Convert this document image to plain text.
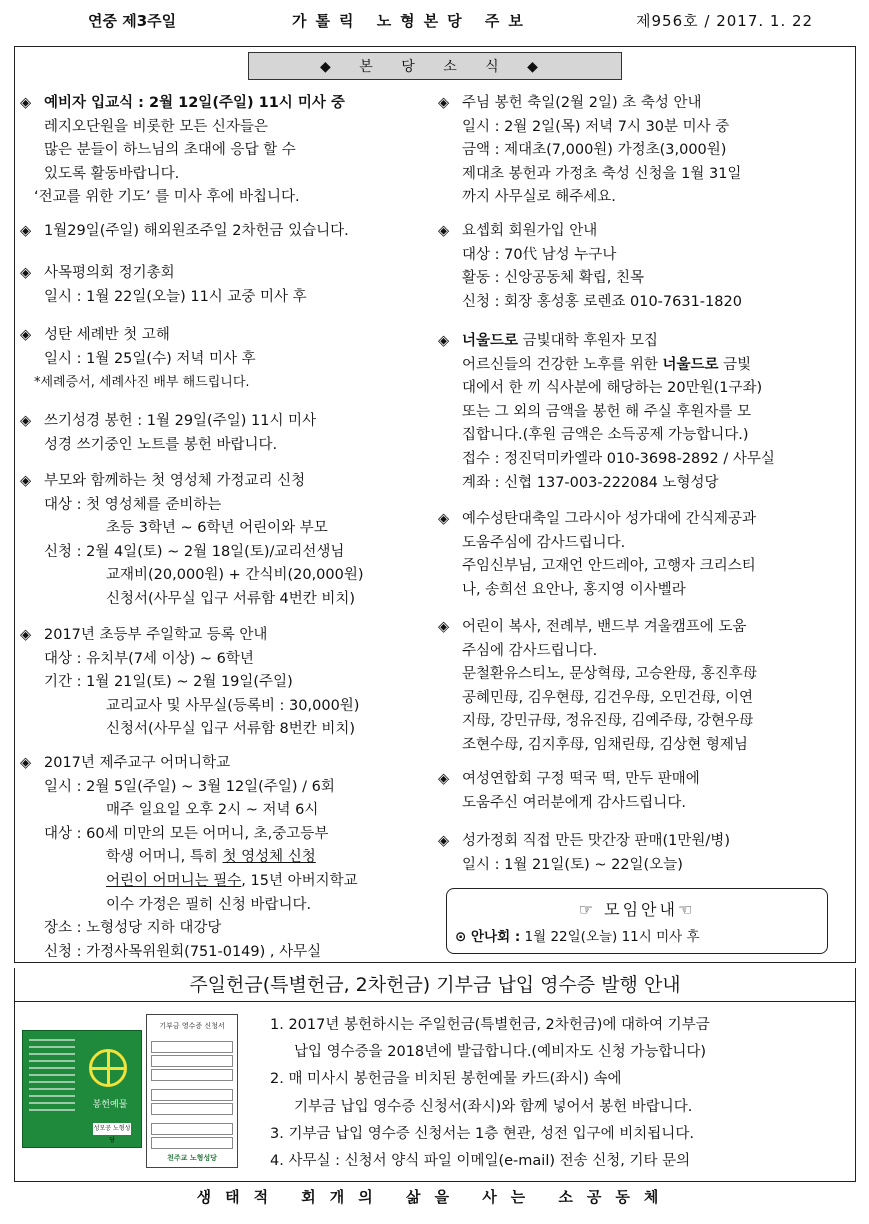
연중 제3주일	가톨릭 노형본당 주보	제956호 / 2017. 1. 22
◆ 본 당 소 식 ◆

◈ 예비자 입교식 : 2월 12일(주일) 11시 미사 중

레지오단원을 비롯한 모든 신자들은

많은 분들이 하느님의 초대에 응답 할 수

있도록 활동바랍니다.

‘전교를 위한 기도’ 를 미사 후에 바칩니다.

◈ 1월29일(주일) 해외원조주일 2차헌금 있습니다.

◈ 사목평의회 정기총회

일시 : 1월 22일(오늘) 11시 교중 미사 후

◈ 성탄 세례반 첫 고해

일시 : 1월 25일(수) 저녁 미사 후

*세례증서, 세례사진 배부 해드립니다.

◈ 쓰기성경 봉헌 : 1월 29일(주일) 11시 미사

성경 쓰기중인 노트를 봉헌 바랍니다.

◈ 부모와 함께하는 첫 영성체 가정교리 신청

대상 : 첫 영성체를 준비하는

초등 3학년 ~ 6학년 어린이와 부모

신청 : 2월 4일(토) ~ 2월 18일(토)/교리선생님

교재비(20,000원) + 간식비(20,000원)

신청서(사무실 입구 서류함 4번칸 비치)

◈ 2017년 초등부 주일학교 등록 안내

대상 : 유치부(7세 이상) ~ 6학년

기간 : 1월 21일(토) ~ 2월 19일(주일)

교리교사 및 사무실(등록비 : 30,000원)

신청서(사무실 입구 서류함 8번칸 비치)

◈ 2017년 제주교구 어머니학교

일시 : 2월 5일(주일) ~ 3월 12일(주일) / 6회

매주 일요일 오후 2시 ~ 저녁 6시

대상 : 60세 미만의 모든 어머니, 초,중고등부

학생 어머니, 특히 첫 영성체 신청

어린이 어머니는 필수, 15년 아버지학교

이수 가정은 필히 신청 바랍니다.

장소 : 노형성당 지하 대강당

신청 : 가정사목위원회(751-0149) , 사무실

◈ 주님 봉헌 축일(2월 2일) 초 축성 안내

일시 : 2월 2일(목) 저녁 7시 30분 미사 중

금액 : 제대초(7,000원) 가정초(3,000원)

제대초 봉헌과 가정초 축성 신청을 1월 31일

까지 사무실로 해주세요.

◈ 요셉회 회원가입 안내

대상 : 70代 남성 누구나

활동 : 신앙공동체 확립, 친목

신청 : 회장 홍성홍 로렌죠 010-7631-1820

◈ 너울드로 금빛대학 후원자 모집

어르신들의 건강한 노후를 위한 너울드로 금빛

대에서 한 끼 식사분에 해당하는 20만원(1구좌)

또는 그 외의 금액을 봉헌 해 주실 후원자를 모

집합니다.(후원 금액은 소득공제 가능합니다.)

접수 : 정진덕미카엘라 010-3698-2892 / 사무실

계좌 : 신협 137-003-222084 노형성당

◈ 예수성탄대축일 그라시아 성가대에 간식제공과

도움주심에 감사드립니다.

주임신부님, 고재언 안드레아, 고행자 크리스티

나, 송희선 요안나, 홍지영 이사벨라

◈ 어린이 복사, 전례부, 밴드부 겨울캠프에 도움

주심에 감사드립니다.

문철환유스티노, 문상혁母, 고승완母, 홍진후母

공혜민母, 김우현母, 김건우母, 오민건母, 이연

지母, 강민규母, 정유진母, 김예주母, 강현우母

조현수母, 김지후母, 임채린母, 김상현 형제님

◈ 여성연합회 구정 떡국 떡, 만두 판매에

도움주신 여러분에게 감사드립니다.

◈ 성가정회 직접 만든 맛간장 판매(1만원/병)

일시 : 1월 21일(토) ~ 22일(오늘)

☞ 모임안내☜
⊙ 안나회 : 1월 22일(오늘) 11시 미사 후
주일헌금(특별헌금, 2차헌금) 기부금 납입 영수증 발행 안내
봉헌예물
성모공 노형성당
기부금 영수증 신청서
천주교 노형성당

1. 2017년 봉헌하시는 주일헌금(특별헌금, 2차헌금)에 대하여 기부금

납입 영수증을 2018년에 발급합니다.(예비자도 신청 가능합니다)

2. 매 미사시 봉헌금을 비치된 봉헌예물 카드(좌시) 속에

기부금 납입 영수증 신청서(좌시)와 함께 넣어서 봉헌 바랍니다.

3. 기부금 납입 영수증 신청서는 1층 현관, 성전 입구에 비치됩니다.

4. 사무실 : 신청서 양식 파일 이메일(e-mail) 전송 신청, 기타 문의

생태적 회개의 삶을 사는 소공동체
